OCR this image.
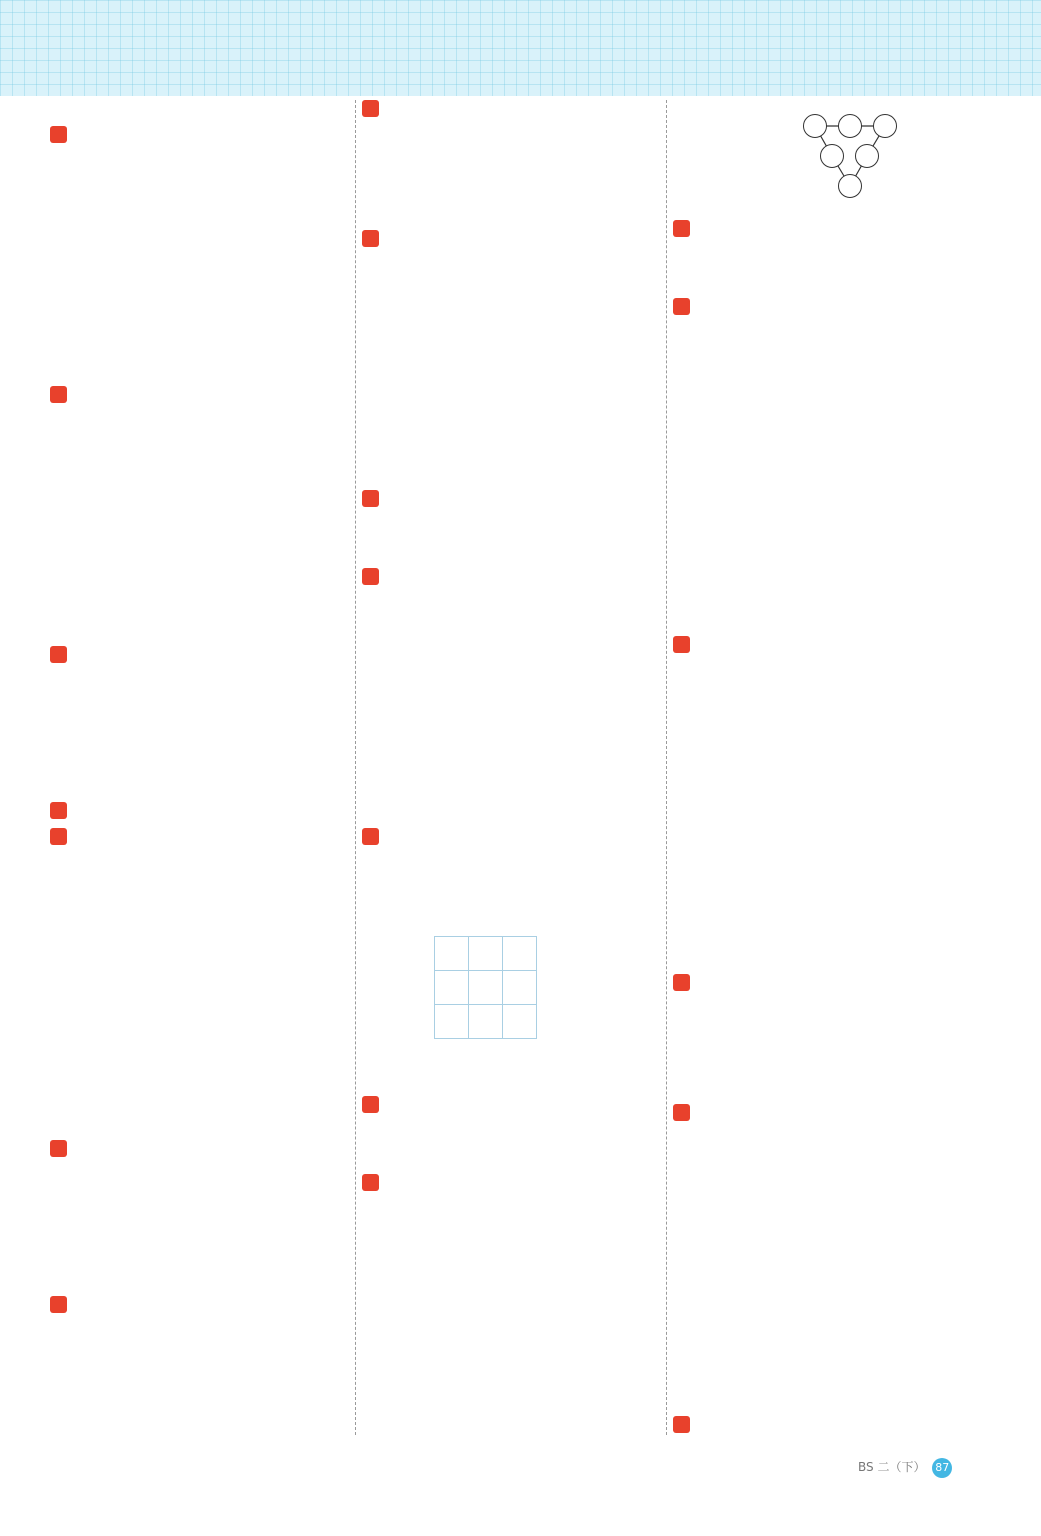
BS 二（下） 87
